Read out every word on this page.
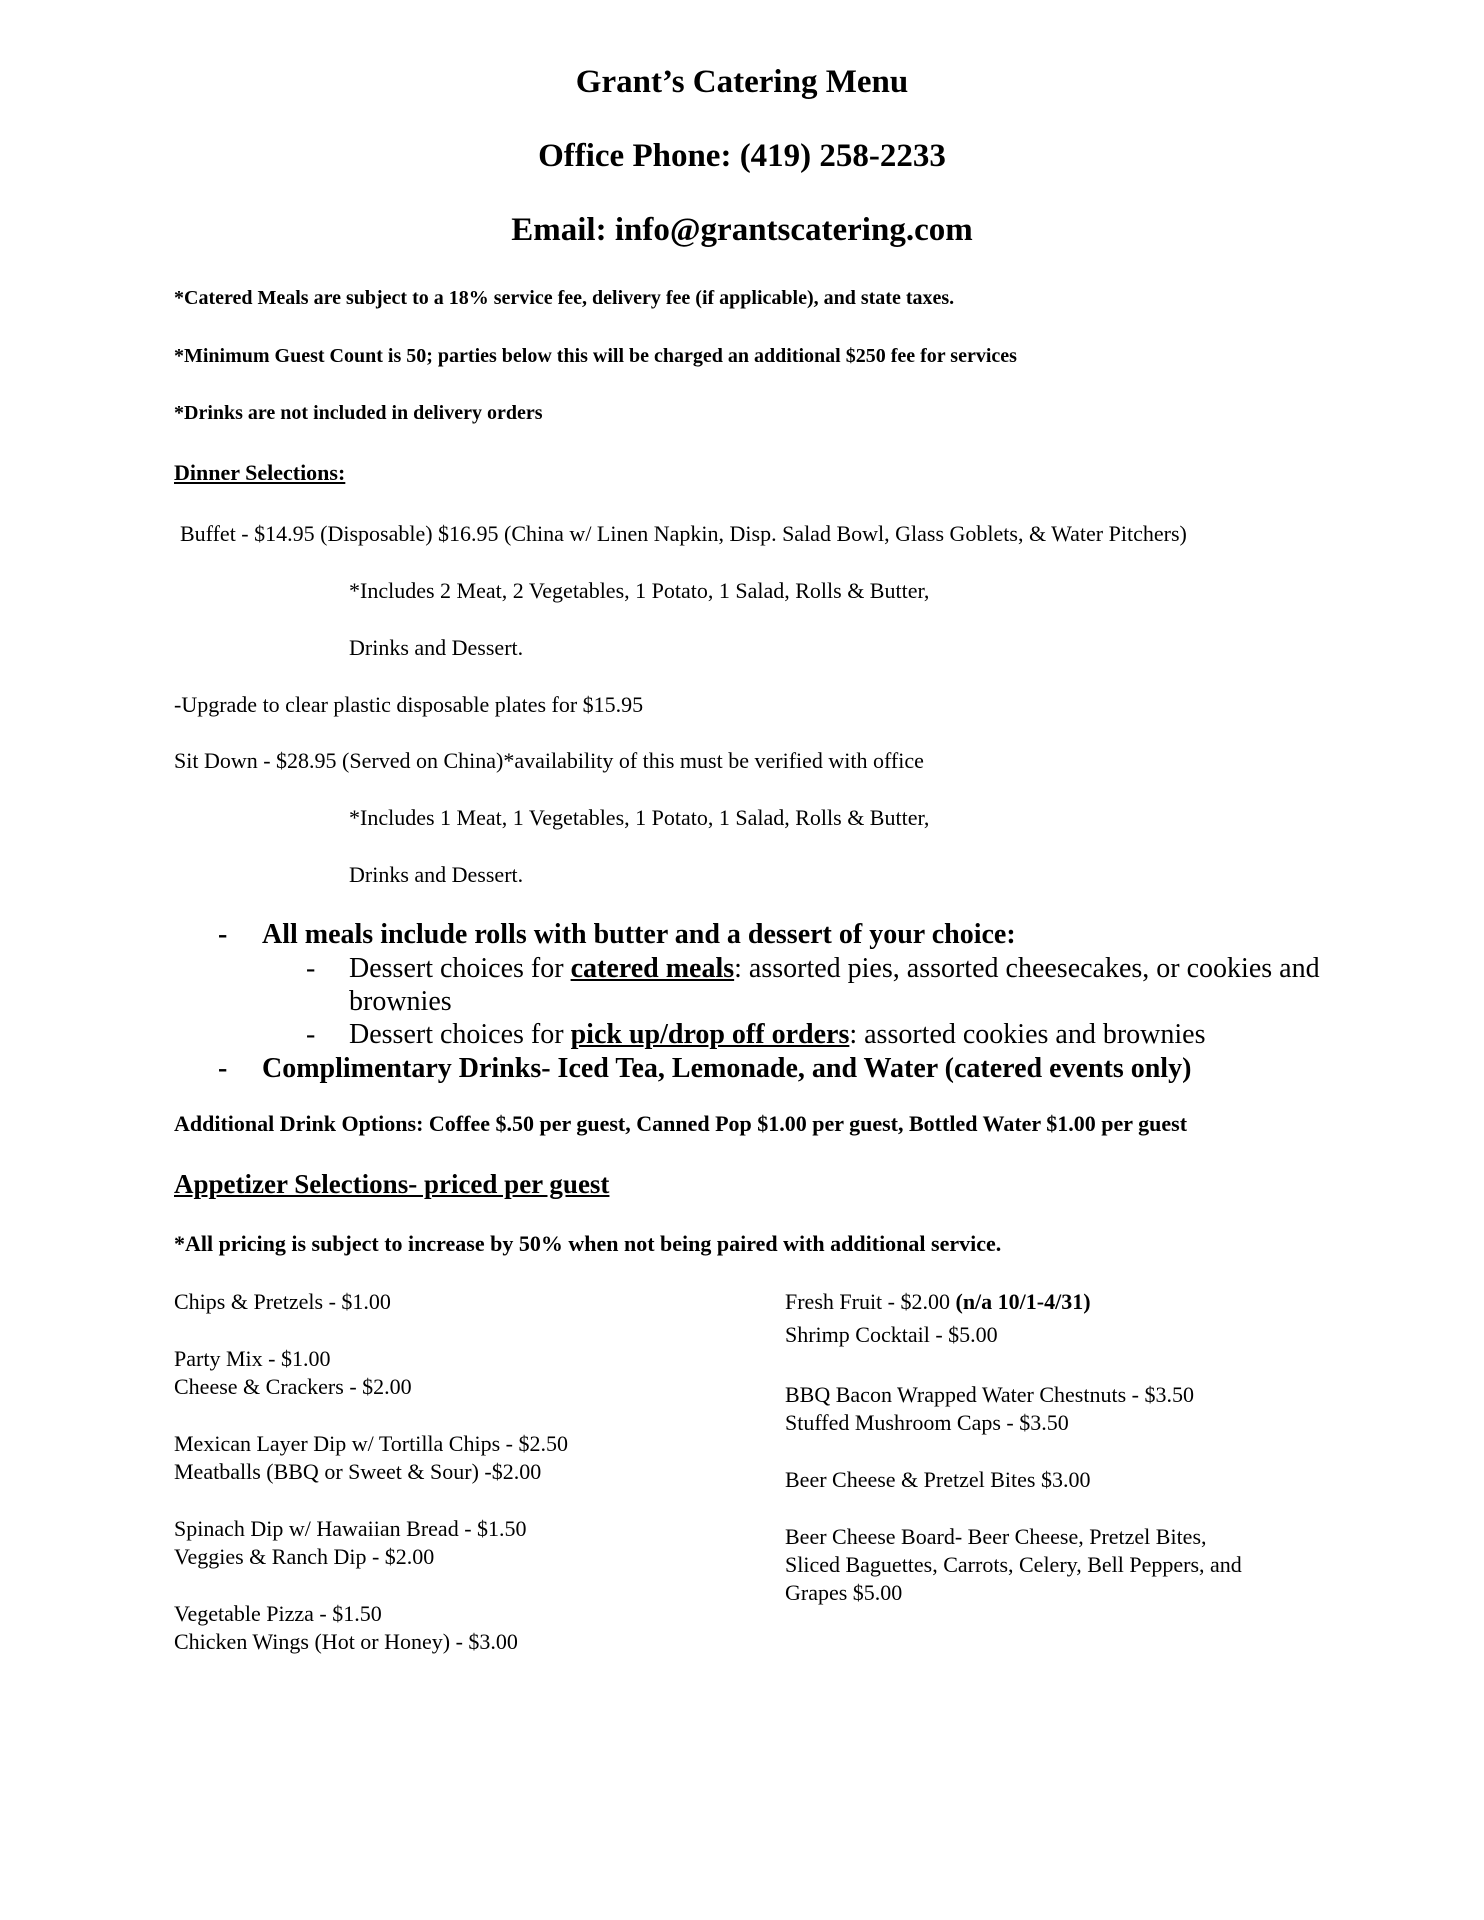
Grant’s Catering Menu
Office Phone: (419) 258-2233
Email: info@grantscatering.com

*Catered Meals are subject to a 18% service fee, delivery fee (if applicable), and state taxes.

*Minimum Guest Count is 50; parties below this will be charged an additional $250 fee for services

*Drinks are not included in delivery orders

Dinner Selections:

Buffet - $14.95 (Disposable) $16.95 (China w/ Linen Napkin, Disp. Salad Bowl, Glass Goblets, & Water Pitchers)

*Includes 2 Meat, 2 Vegetables, 1 Potato, 1 Salad, Rolls & Butter,

Drinks and Dessert.

-Upgrade to clear plastic disposable plates for $15.95

Sit Down - $28.95 (Served on China)*availability of this must be verified with office

*Includes 1 Meat, 1 Vegetables, 1 Potato, 1 Salad, Rolls & Butter,

Drinks and Dessert.

- All meals include rolls with butter and a dessert of your choice:

- Dessert choices for catered meals: assorted pies, assorted cheesecakes, or cookies and brownies

- Dessert choices for pick up/drop off orders: assorted cookies and brownies

- Complimentary Drinks- Iced Tea, Lemonade, and Water (catered events only)

Additional Drink Options: Coffee $.50 per guest, Canned Pop $1.00 per guest, Bottled Water $1.00 per guest

Appetizer Selections- priced per guest

*All pricing is subject to increase by 50% when not being paired with additional service.

Chips & Pretzels - $1.00

Party Mix - $1.00

Cheese & Crackers - $2.00

Mexican Layer Dip w/ Tortilla Chips - $2.50

Meatballs (BBQ or Sweet & Sour) -$2.00

Spinach Dip w/ Hawaiian Bread - $1.50

Veggies & Ranch Dip - $2.00

Vegetable Pizza - $1.50

Chicken Wings (Hot or Honey) - $3.00

Fresh Fruit - $2.00 (n/a 10/1-4/31)

Shrimp Cocktail - $5.00

BBQ Bacon Wrapped Water Chestnuts - $3.50

Stuffed Mushroom Caps - $3.50

Beer Cheese & Pretzel Bites $3.00

Beer Cheese Board- Beer Cheese, Pretzel Bites,

Sliced Baguettes, Carrots, Celery, Bell Peppers, and

Grapes $5.00
